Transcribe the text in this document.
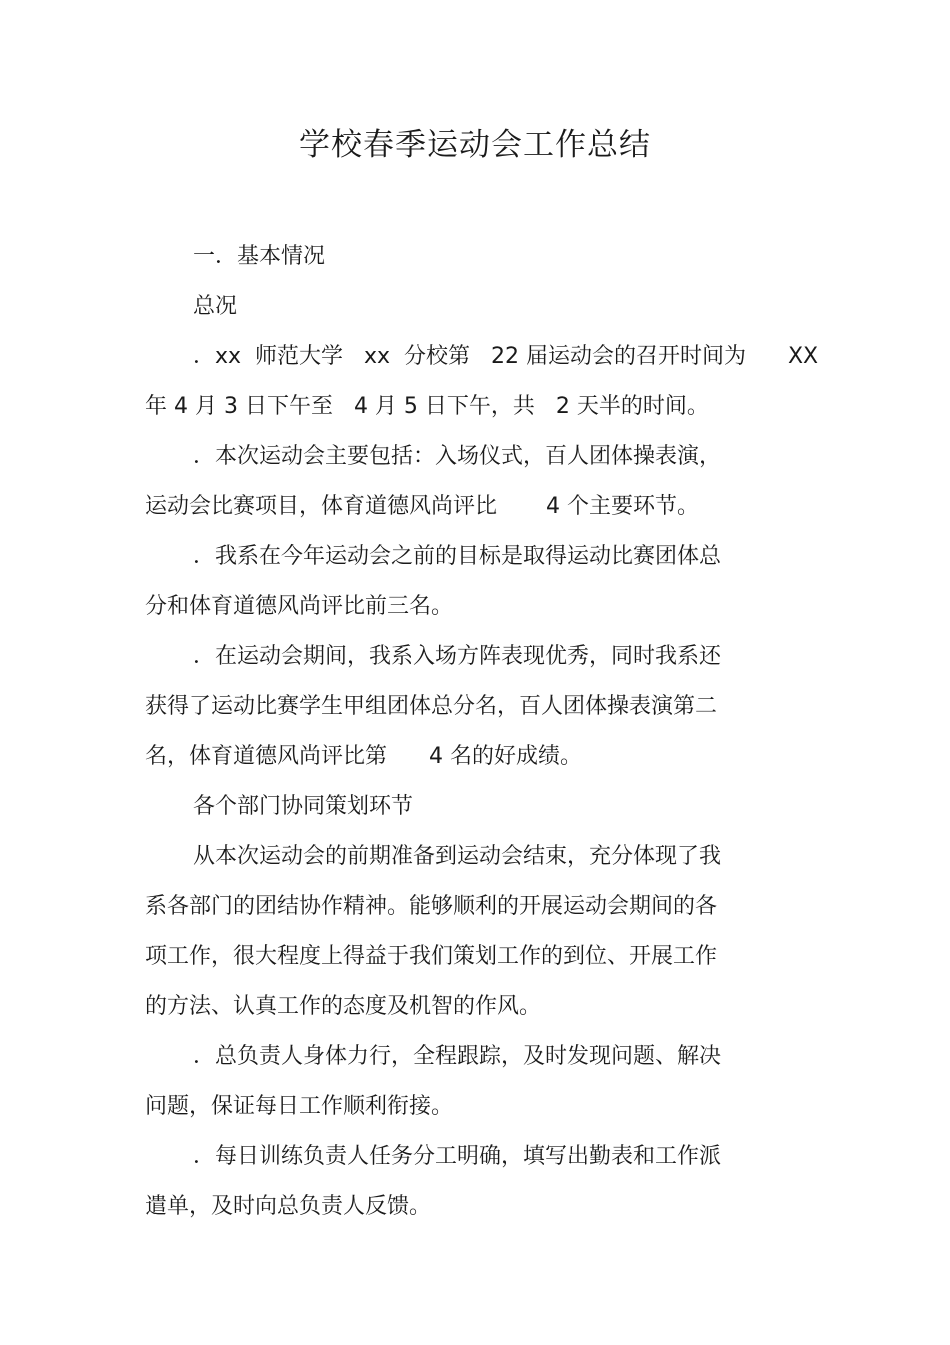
学校春季运动会工作总结
一．基本情况
总况
．xx  师范大学   xx  分校第   22 届运动会的召开时间为      XX
年 4 月 3 日下午至   4 月 5 日下午，共   2 天半的时间。
．本次运动会主要包括：入场仪式，百人团体操表演，
运动会比赛项目，体育道德风尚评比       4 个主要环节。
．我系在今年运动会之前的目标是取得运动比赛团体总
分和体育道德风尚评比前三名。
．在运动会期间，我系入场方阵表现优秀，同时我系还
获得了运动比赛学生甲组团体总分名，百人团体操表演第二
名，体育道德风尚评比第      4 名的好成绩。
各个部门协同策划环节
从本次运动会的前期准备到运动会结束，充分体现了我
系各部门的团结协作精神。能够顺利的开展运动会期间的各
项工作，很大程度上得益于我们策划工作的到位、开展工作
的方法、认真工作的态度及机智的作风。
．总负责人身体力行，全程跟踪，及时发现问题、解决
问题，保证每日工作顺利衔接。
．每日训练负责人任务分工明确，填写出勤表和工作派
遣单，及时向总负责人反馈。
